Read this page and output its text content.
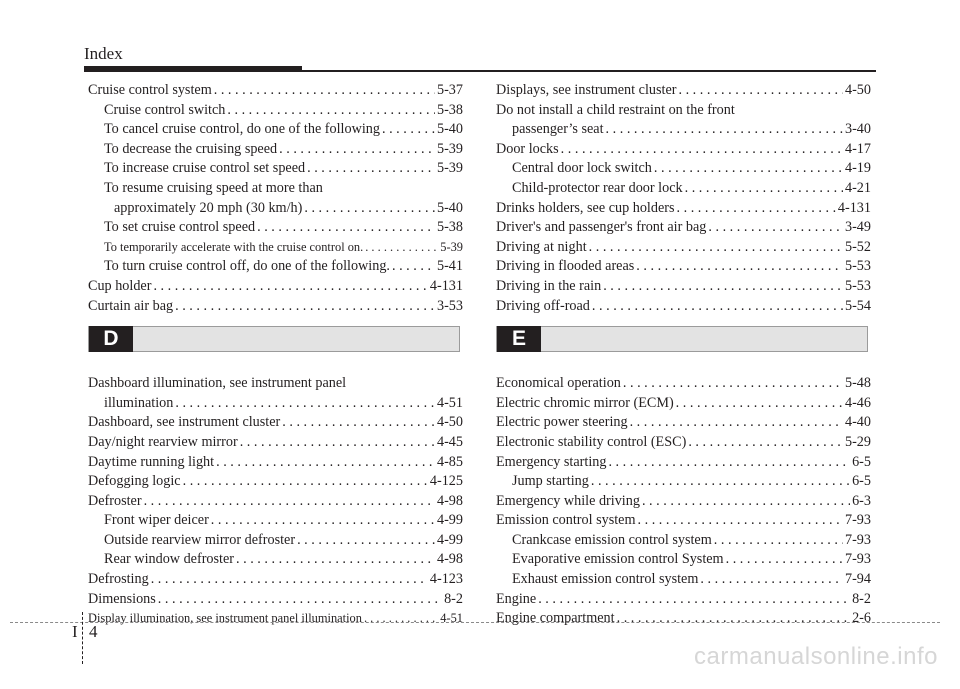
Index
Cruise control system . . .	5-37
Cruise control switch . . .	5-38
To cancel cruise control, do one of the following . . .	5-40
To decrease the cruising speed . . .	5-39
To increase cruise control set speed . . .	5-39
To resume cruising speed at more than
approximately 20 mph (30 km/h) . . .	5-40
To set cruise control speed . . .	5-38
To temporarily accelerate with the cruise control on. . . .	5-39
To turn cruise control off, do one of the following. . . .	5-41
Cup holder . . .	4-131
Curtain air bag . . .	3-53
D
Dashboard illumination, see instrument panel
illumination . . .	4-51
Dashboard, see instrument cluster . . .	4-50
Day/night rearview mirror . . .	4-45
Daytime running light . . .	4-85
Defogging logic . . .	4-125
Defroster . . .	4-98
Front wiper deicer . . .	4-99
Outside rearview mirror defroster . . .	4-99
Rear window defroster . . .	4-98
Defrosting . . .	4-123
Dimensions . . .	8-2
Display illumination, see instrument panel illumination . . .	4-51
Displays, see instrument cluster . . .	4-50
Do not install a child restraint on the front
passenger’s seat . . .	3-40
Door locks . . .	4-17
Central door lock switch . . .	4-19
Child-protector rear door lock . . .	4-21
Drinks holders, see cup holders . . .	4-131
Driver's and passenger's front air bag . . .	3-49
Driving at night . . .	5-52
Driving in flooded areas . . .	5-53
Driving in the rain . . .	5-53
Driving off-road . . .	5-54
E
Economical operation . . .	5-48
Electric chromic mirror (ECM) . . .	4-46
Electric power steering . . .	4-40
Electronic stability control (ESC) . . .	5-29
Emergency starting . . .	6-5
Jump starting . . .	6-5
Emergency while driving . . .	6-3
Emission control system . . .	7-93
Crankcase emission control system . . .	7-93
Evaporative emission control System . . .	7-93
Exhaust emission control system . . .	7-94
Engine . . .	8-2
Engine compartment . . .	2-6
I 4
carmanualsonline.info
